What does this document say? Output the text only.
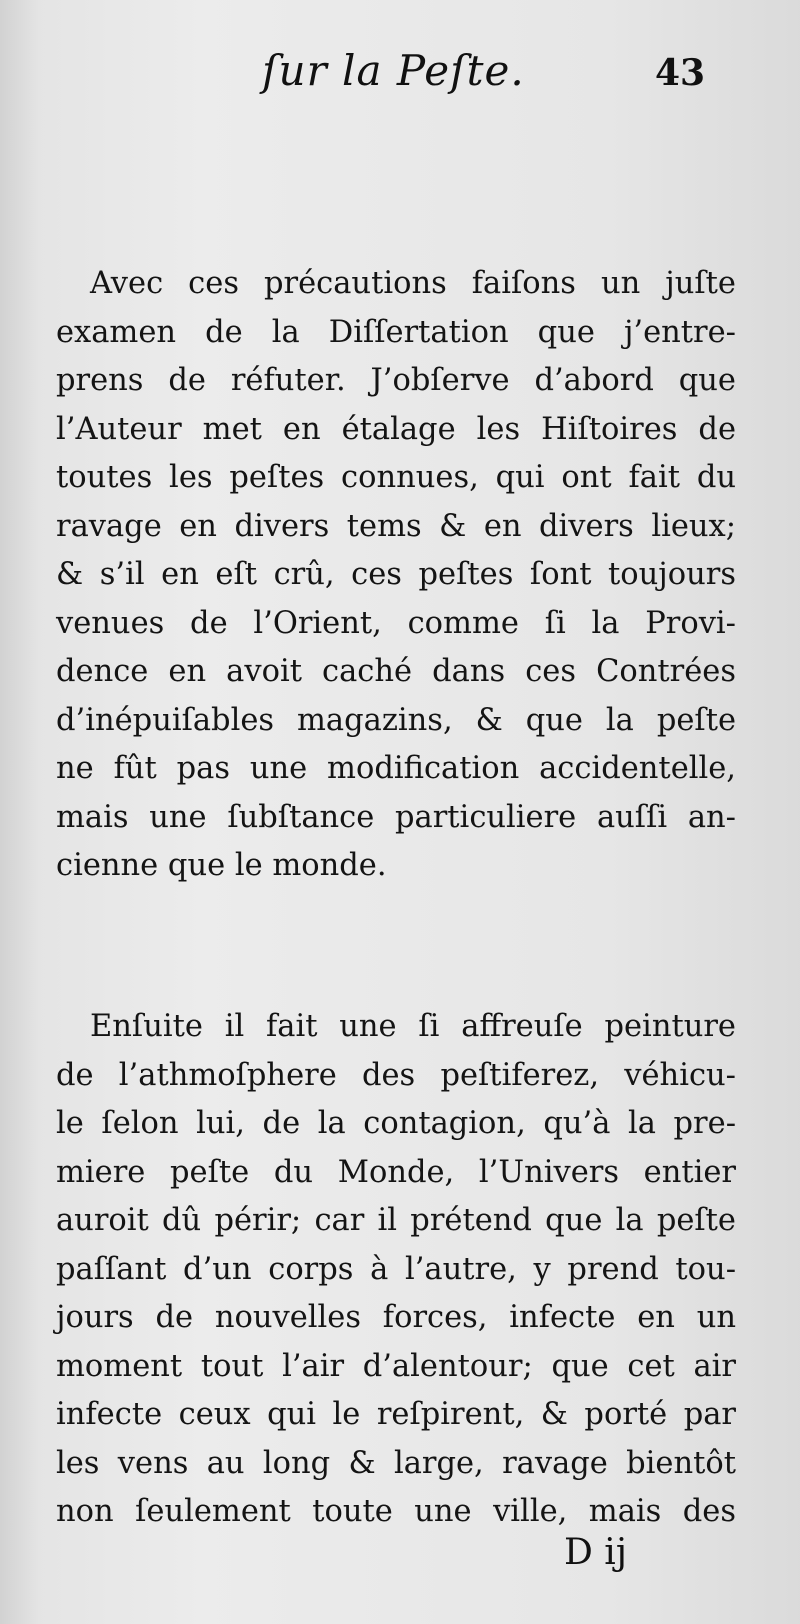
ſur la Peſte.	43
Avec ces précautions faiſons un juſte
examen de la Diſſertation que j’entre-
prens de réfuter. J’obſerve d’abord que
l’Auteur met en étalage les Hiſtoires de
toutes les peſtes connues, qui ont fait du
ravage en divers tems & en divers lieux;
& s’il en eſt crû, ces peſtes ſont toujours
venues de l’Orient, comme ſi la Provi-
dence en avoit caché dans ces Contrées
d’inépuiſables magazins, & que la peſte
ne fût pas une modification accidentelle,
mais une ſubſtance particuliere auſſi an-
cienne que le monde.
Enſuite il fait une ſi affreuſe peinture
de l’athmoſphere des peſtiferez, véhicu-
le ſelon lui, de la contagion, qu’à la pre-
miere peſte du Monde, l’Univers entier
auroit dû périr; car il prétend que la peſte
paſſant d’un corps à l’autre, y prend tou-
jours de nouvelles forces, infecte en un
moment tout l’air d’alentour; que cet air
infecte ceux qui le reſpirent, & porté par
les vens au long & large, ravage bientôt
non ſeulement toute une ville, mais des
D ij
